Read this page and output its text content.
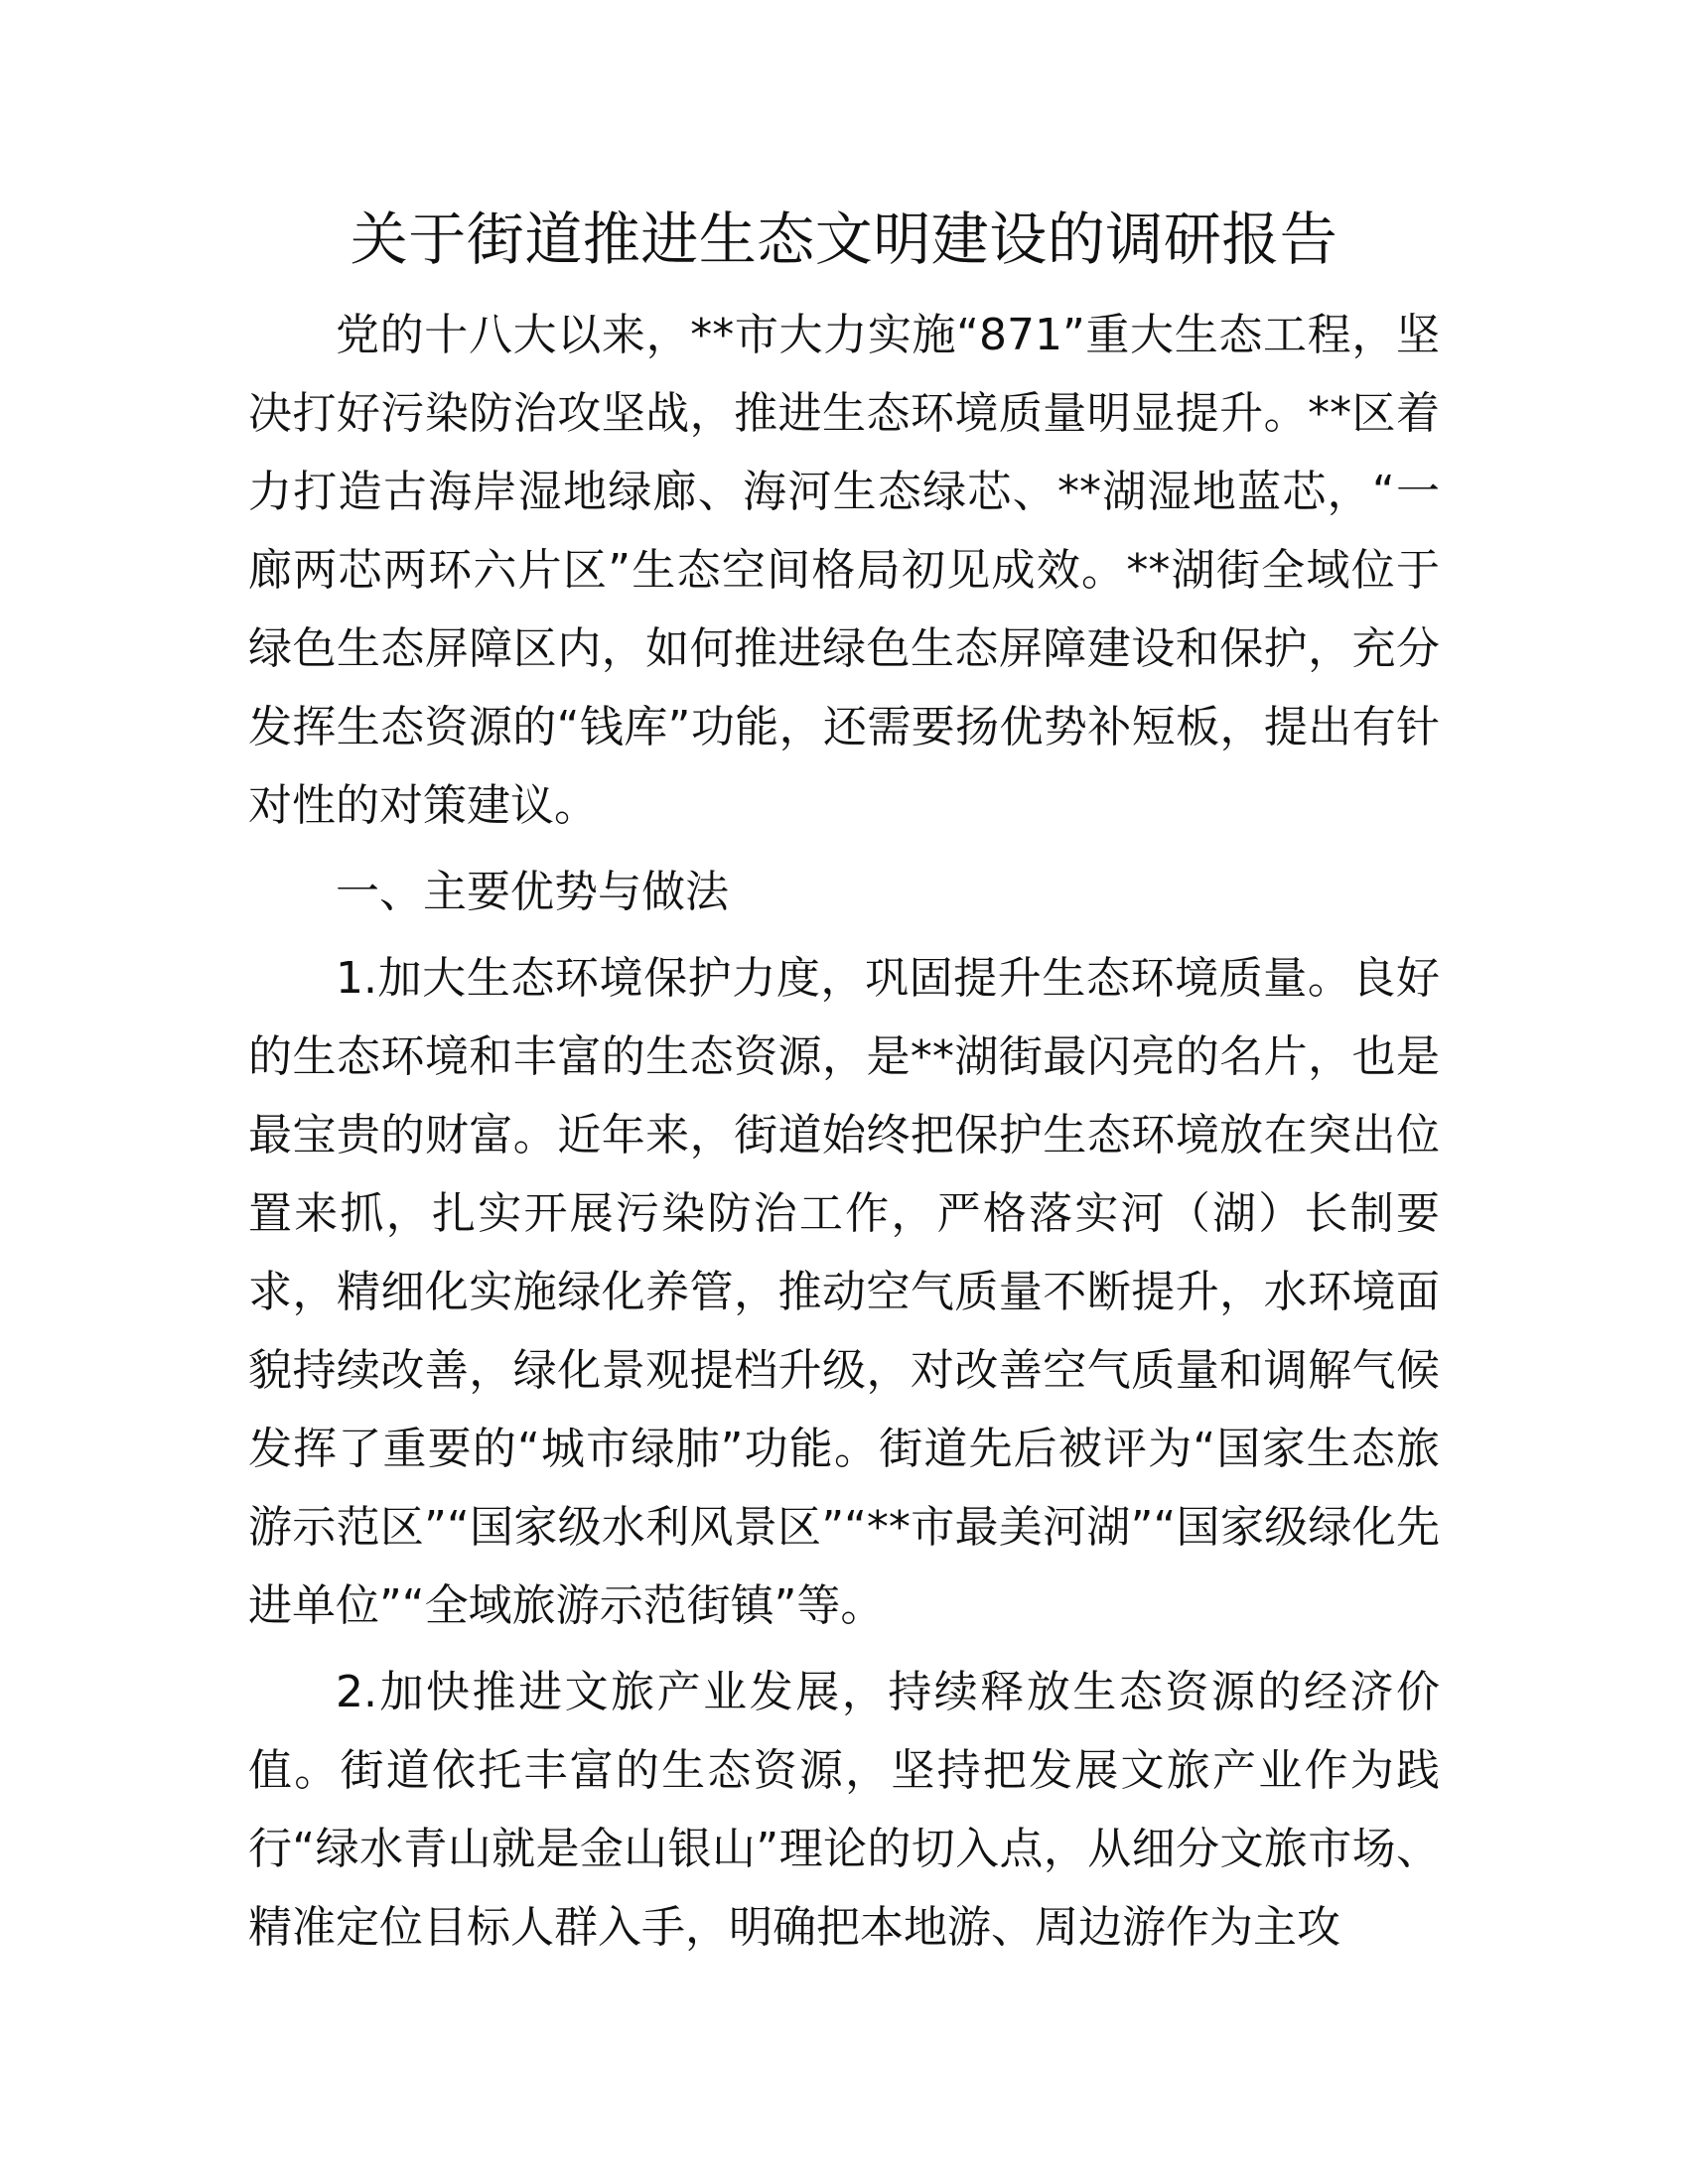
关于街道推进生态文明建设的调研报告

党的十八大以来，**市大力实施“871”重大生态工程，坚决打好污染防治攻坚战，推进生态环境质量明显提升。**区着力打造古海岸湿地绿廊、海河生态绿芯、**湖湿地蓝芯，“一廊两芯两环六片区”生态空间格局初见成效。**湖街全域位于绿色生态屏障区内，如何推进绿色生态屏障建设和保护，充分发挥生态资源的“钱库”功能，还需要扬优势补短板，提出有针对性的对策建议。

一、主要优势与做法

1.加大生态环境保护力度，巩固提升生态环境质量。良好的生态环境和丰富的生态资源，是**湖街最闪亮的名片，也是最宝贵的财富。近年来，街道始终把保护生态环境放在突出位置来抓，扎实开展污染防治工作，严格落实河（湖）长制要求，精细化实施绿化养管，推动空气质量不断提升，水环境面貌持续改善，绿化景观提档升级，对改善空气质量和调解气候发挥了重要的“城市绿肺”功能。街道先后被评为“国家生态旅游示范区”“国家级水利风景区”“**市最美河湖”“国家级绿化先进单位”“全域旅游示范街镇”等。

2.加快推进文旅产业发展，持续释放生态资源的经济价值。街道依托丰富的生态资源，坚持把发展文旅产业作为践行“绿水青山就是金山银山”理论的切入点，从细分文旅市场、精准定位目标人群入手，明确把本地游、周边游作为主攻
